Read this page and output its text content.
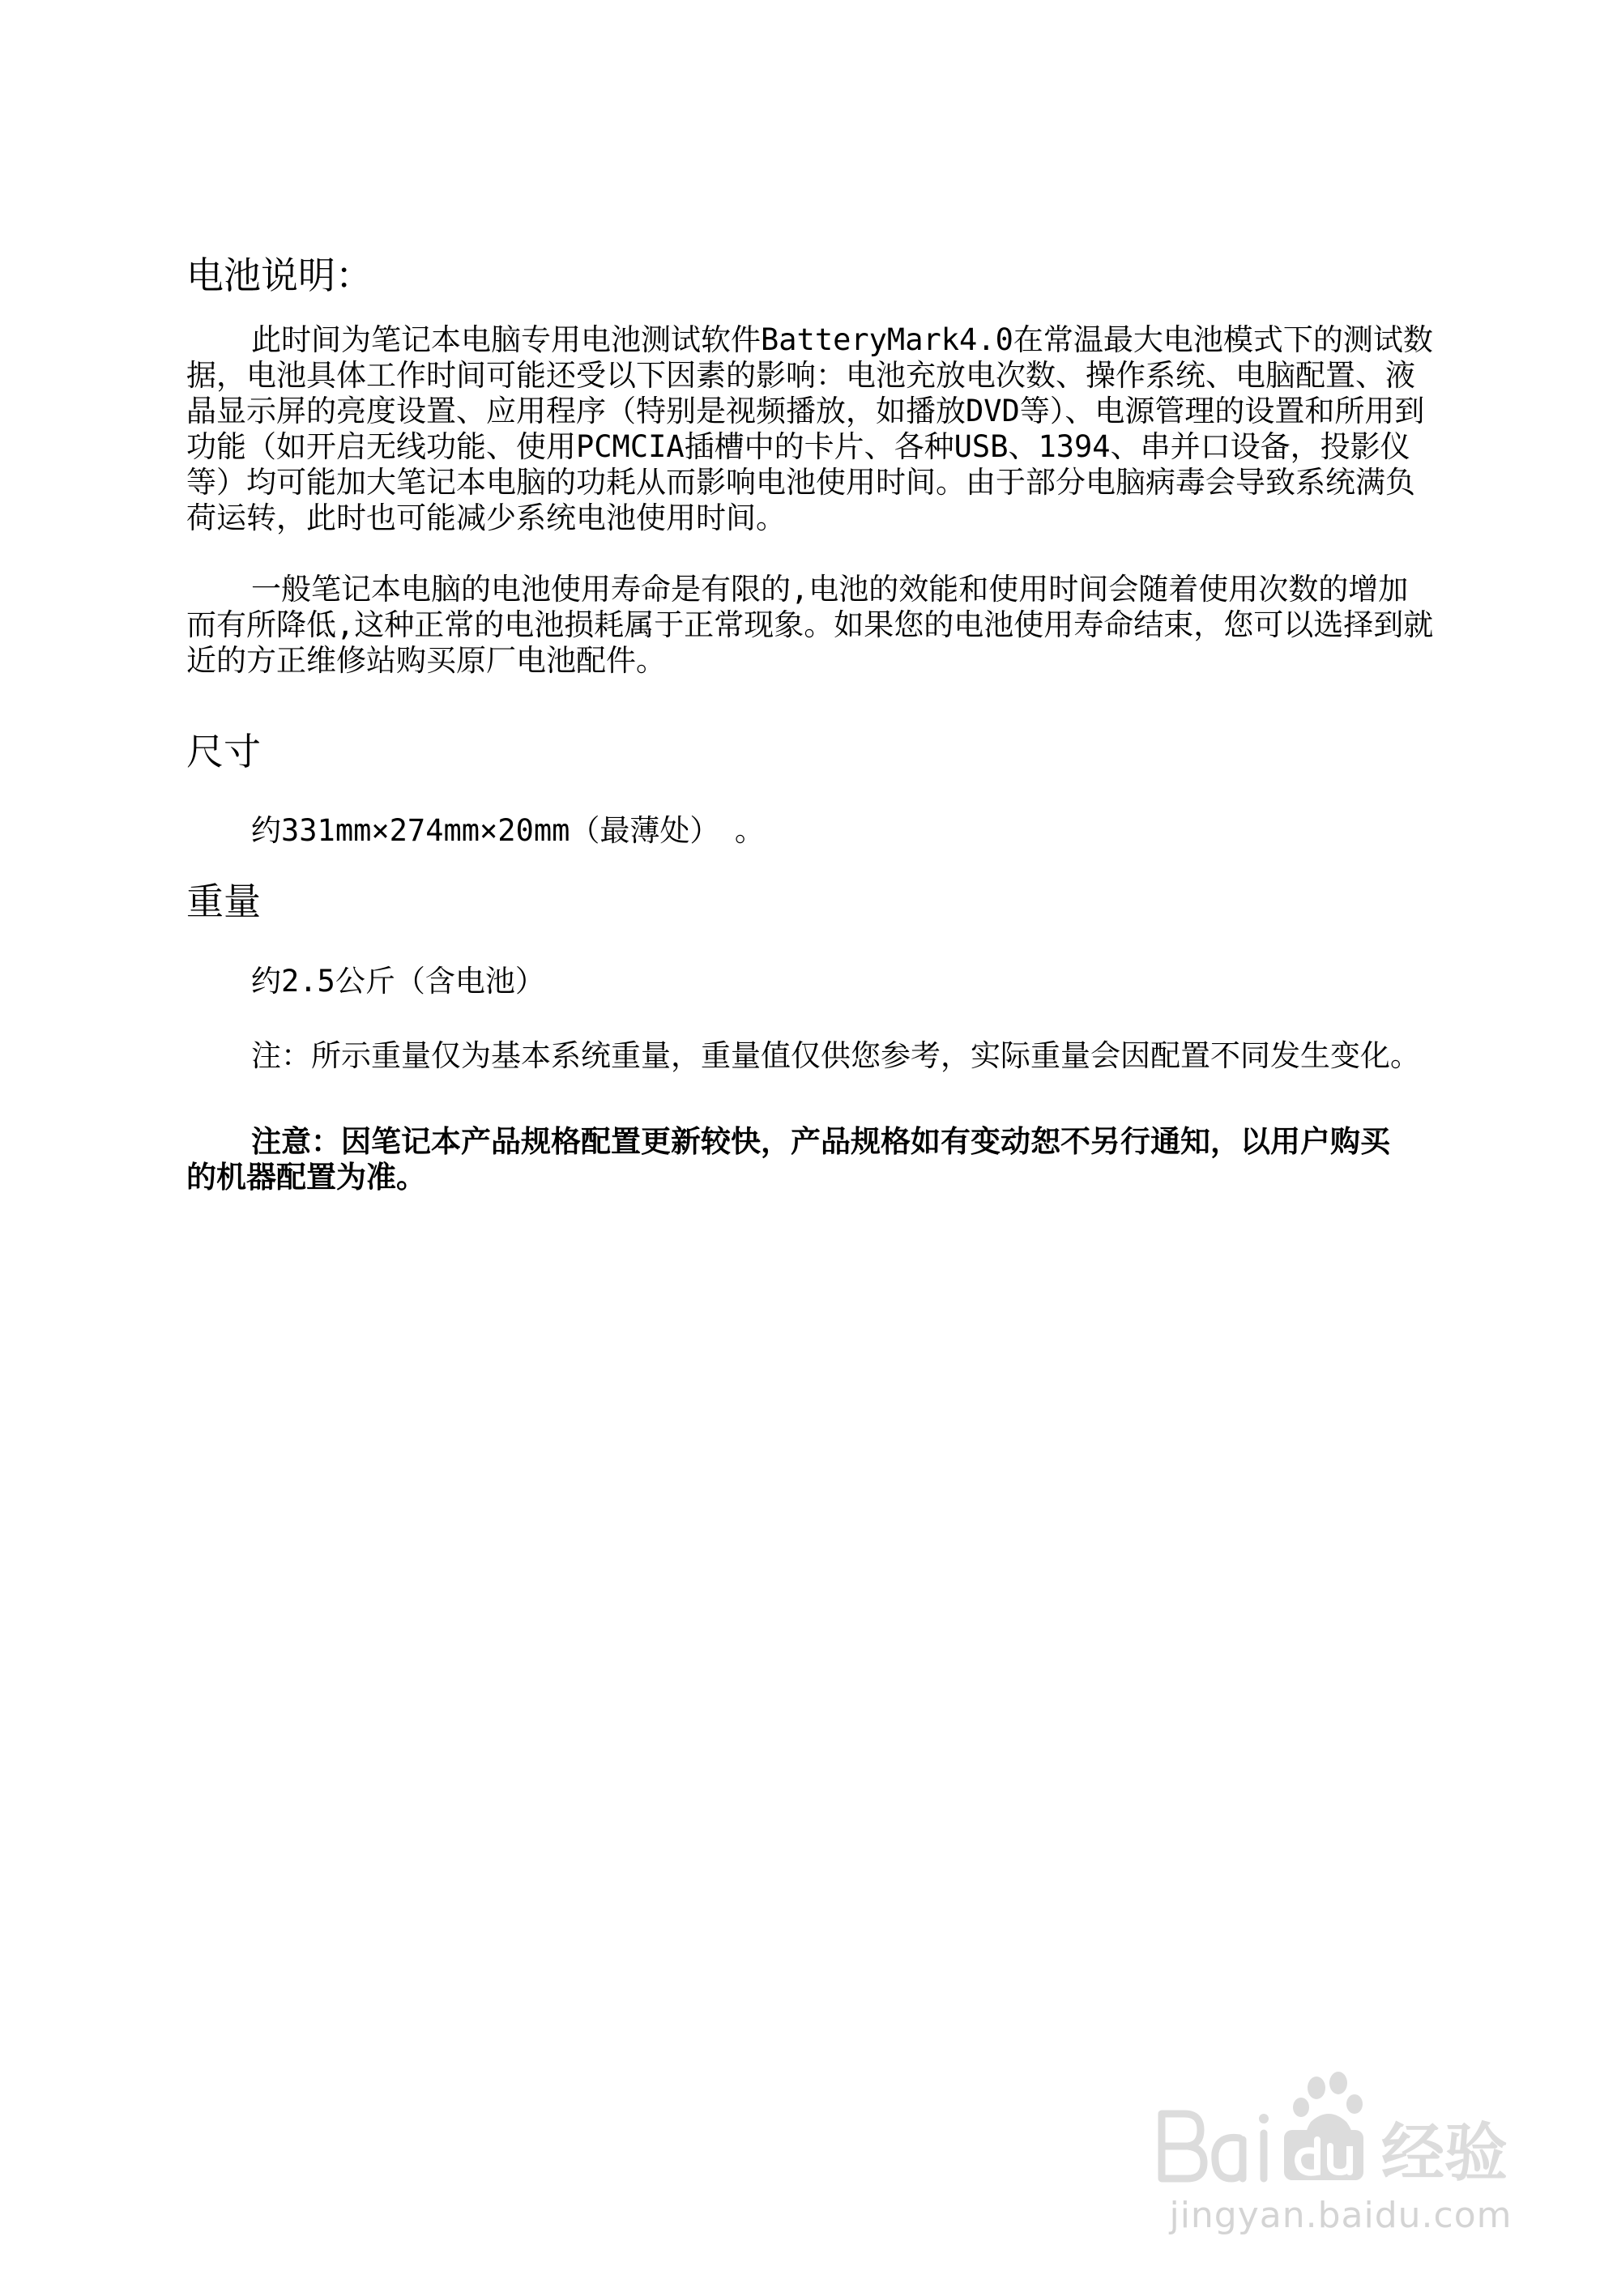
电池说明：

此时间为笔记本电脑专用电池测试软件BatteryMark4.0在常温最大电池模式下的测试数据，电池具体工作时间可能还受以下因素的影响：电池充放电次数、操作系统、电脑配置、液晶显示屏的亮度设置、应用程序（特别是视频播放，如播放DVD等）、电源管理的设置和所用到功能（如开启无线功能、使用PCMCIA插槽中的卡片、各种USB、1394、串并口设备，投影仪等）均可能加大笔记本电脑的功耗从而影响电池使用时间。由于部分电脑病毒会导致系统满负荷运转，此时也可能减少系统电池使用时间。

一般笔记本电脑的电池使用寿命是有限的,电池的效能和使用时间会随着使用次数的增加而有所降低,这种正常的电池损耗属于正常现象。如果您的电池使用寿命结束，您可以选择到就近的方正维修站购买原厂电池配件。

尺寸

约331mm×274mm×20mm（最薄处）　。

重量

约2.5公斤（含电池）

注：所示重量仅为基本系统重量，重量值仅供您参考，实际重量会因配置不同发生变化。

注意：因笔记本产品规格配置更新较快，产品规格如有变动恕不另行通知，以用户购买的机器配置为准。

经验
jingyan.baidu.com
